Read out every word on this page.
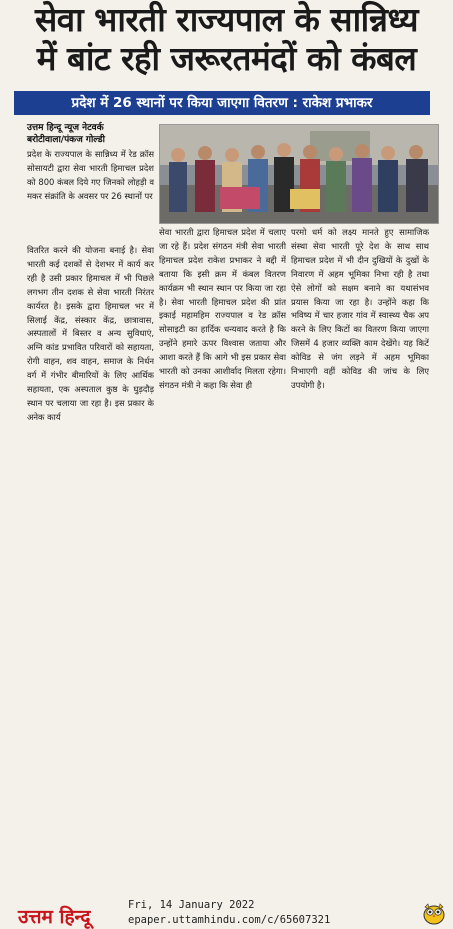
सेवा भारती राज्यपाल के सान्निध्य
में बांट रही जरूरतमंदों को कंबल
प्रदेश में 26 स्थानों पर किया जाएगा वितरण : राकेश प्रभाकर
उत्तम हिन्दू न्यूज नेटवर्क
बरोटीवाला/पंकज गोल्डी
प्रदेश के राज्यपाल के सान्निध्य में रेड क्रॉस सोसायटी द्वारा सेवा भारती हिमाचल प्रदेश को 800 कंबल दिये गए जिनको लोहड़ी व मकर संक्रांति के अवसर पर 26 स्थानों पर
वितरित करने की योजना बनाई है। सेवा भारती कई दशकों से देशभर में कार्य कर रही है उसी प्रकार हिमाचल में भी पिछले लगभग तीन दशक से सेवा भारती निरंतर कार्यरत है। इसके द्वारा हिमाचल भर में सिलाई केंद्र, संस्कार केंद्र, छात्रावास, अस्पतालों में बिस्तर व अन्य सुविधाएं, अग्नि कांड प्रभावित परिवारों को सहायता, रोगी वाहन, शव वाहन, समाज के निर्धन वर्ग में गंभीर बीमारियों के लिए आर्थिक सहायता, एक अस्पताल कुष्ठ के घुड़दौड़ स्थान पर चलाया जा रहा है। इस प्रकार के अनेक कार्य
सेवा भारती द्वारा हिमाचल प्रदेश में चलाए जा रहे हैं। प्रदेश संगठन मंत्री सेवा भारती हिमाचल प्रदेश राकेश प्रभाकर ने बद्दी में बताया कि इसी क्रम में कंबल वितरण कार्यक्रम भी स्थान स्थान पर किया जा रहा है। सेवा भारती हिमाचल प्रदेश की प्रांत इकाई महामहिम राज्यपाल व रेड क्रॉस सोसाइटी का हार्दिक धन्यवाद करते है कि उन्होंने हमारे ऊपर विश्वास जताया और आशा करते हैं कि आगे भी इस प्रकार सेवा भारती को उनका आशीर्वाद मिलता रहेगा। संगठन मंत्री ने कहा कि सेवा ही
परमो धर्म को लक्ष्य मानते हुए सामाजिक संस्था सेवा भारती पूरे देश के साथ साथ हिमाचल प्रदेश में भी दीन दुखियों के दुखों के निवारण में अहम भूमिका निभा रही है तथा ऐसे लोगों को सक्षम बनाने का यथासंभव प्रयास किया जा रहा है। उन्होंने कहा कि भविष्य में चार हजार गांव में स्वास्थ्य चैक अप करने के लिए किटों का वितरण किया जाएगा जिसमें 4 हजार व्यक्ति काम देखेंगे। यह किटें कोविड से जंग लड़ने में अहम भूमिका निभाएगी वहीं कोविड की जांच के लिए उपयोगी है।
उत्तम हिन्दू
Fri, 14 January 2022
epaper.uttamhindu.com/c/65607321
